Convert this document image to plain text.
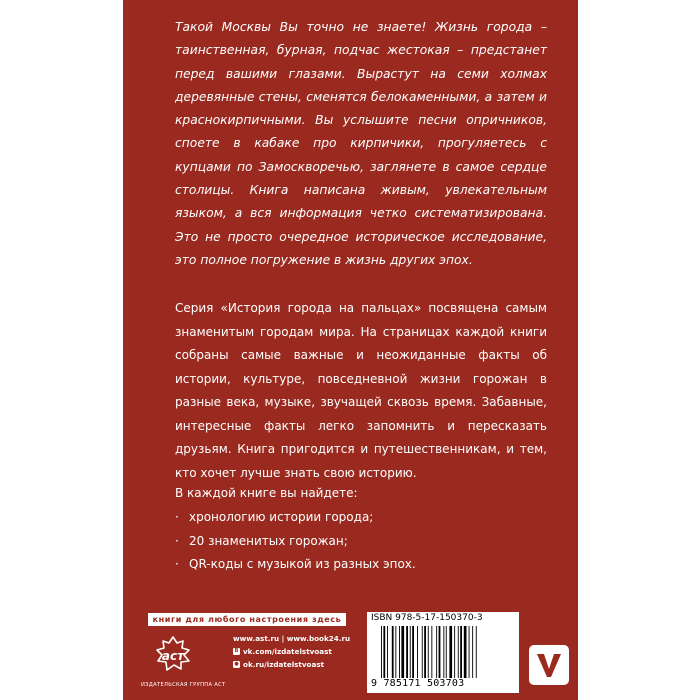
Такой Москвы Вы точно не знаете! Жизнь города – таинственная, бурная, подчас жестокая – предстанет перед вашими глазами. Вырастут на семи холмах деревянные стены, сменятся белокаменными, а затем и краснокирпичными. Вы услышите песни опричников, споете в кабаке про кирпичики, прогуляетесь с купцами по Замоскворечью, заглянете в самое сердце столицы. Книга написана живым, увлекательным языком, а вся информация четко систематизирована. Это не просто очередное историческое исследование, это полное погружение в жизнь других эпох.

Серия «История города на пальцах» посвящена самым знаменитым городам мира. На страницах каждой книги собраны самые важные и неожиданные факты об истории, культуре, повседневной жизни горожан в разные века, музыке, звучащей сквозь время. Забавные, интересные факты легко запомнить и пересказать друзьям. Книга пригодится и путешественникам, и тем, кто хочет лучше знать свою историю.

В каждой книге вы найдете:

· хронологию истории города;
· 20 знаменитых горожан;
· QR-коды с музыкой из разных эпох.
книги для любого настроения здесь
аст
ИЗДАТЕЛЬСКАЯ ГРУППА АСТ
www.ast.ru | www.book24.ru
B vk.com/izdatelstvoast
● ok.ru/izdatelstvoast
ISBN 978-5-17-150370-3
9 785171 503703
